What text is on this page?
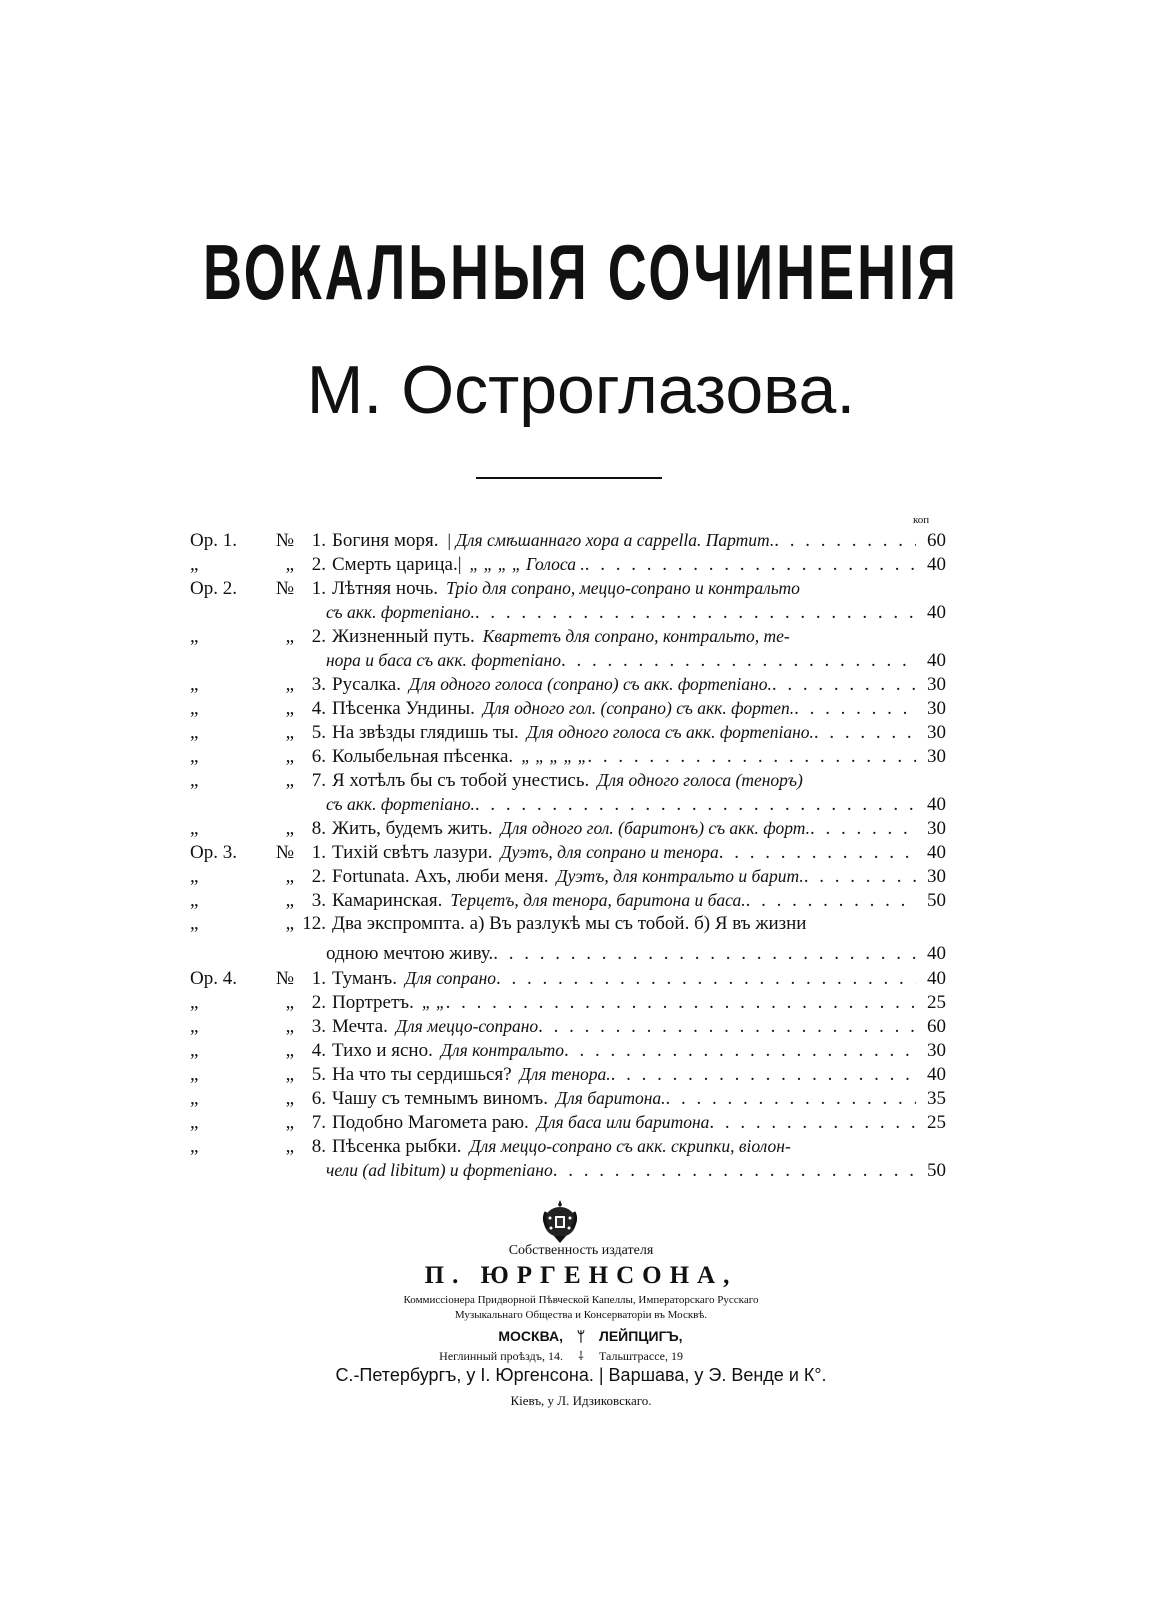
ВОКАЛЬНЫЯ СОЧИНЕНІЯ
М. Остроглазова.
коп
Op. 1.	№ 1. Богиня моря. | Для смѣшаннаго хора a cappella. Партит. . . .	60
„	„ 2. Смерть царица.| „ „ „ „ Голоса . . . .	40
Op. 2.	№ 1. Лѣтняя ночь. Тріо для сопрано, меццо-сопрано и контральто
съ акк. фортепіано. . . .	40
„	„ 2. Жизненный путь. Квартетъ для сопрано, контральто, те-
нора и баса съ акк. фортепіано . . .	40
„	„ 3. Русалка. Для одного голоса (сопрано) съ акк. фортепіано. . . .	30
„	„ 4. Пѣсенка Ундины. Для одного гол. (сопрано) съ акк. фортеп. . . .	30
„	„ 5. На звѣзды глядишь ты. Для одного голоса съ акк. фортепіано. . . .	30
„	„ 6. Колыбельная пѣсенка. „ „ „ „ „ . . .	30
„	„ 7. Я хотѣлъ бы съ тобой унестись. Для одного голоса (теноръ)
съ акк. фортепіано. . . .	40
„	„ 8. Жить, будемъ жить. Для одного гол. (баритонъ) съ акк. форт. . . .	30
Op. 3.	№ 1. Тихій свѣтъ лазури. Дуэтъ, для сопрано и тенора . . .	40
„	„ 2. Fortunata. Ахъ, люби меня. Дуэтъ, для контральто и барит. . . .	30
„	„ 3. Камаринская. Терцетъ, для тенора, баритона и баса. . . .	50
„	„ 12. Два экспромпта. а) Въ разлукѣ мы съ тобой. б) Я въ жизни
одною мечтою живу. . . .	40
Op. 4.	№ 1. Туманъ. Для сопрано . . .	40
„	„ 2. Портретъ. „ „ . . .	25
„	„ 3. Мечта. Для меццо-сопрано . . .	60
„	„ 4. Тихо и ясно. Для контральто . . .	30
„	„ 5. На что ты сердишься? Для тенора. . . .	40
„	„ 6. Чашу съ темнымъ виномъ. Для баритона. . . .	35
„	„ 7. Подобно Магомета раю. Для баса или баритона . . .	25
„	„ 8. Пѣсенка рыбки. Для меццо-сопрано съ акк. скрипки, віолон-
чели (ad libitum) и фортепіано . . .	50
Собственность издателя
П. ЮРГЕНСОНА,
Коммиссіонера Придворной Пѣвческой Капеллы, Императорскаго Русскаго
Музыкальнаго Общества и Консерваторіи въ Москвѣ.
МОСКВА, ᛘ ЛЕЙПЦИГЪ,
Неглинный проѣздъ, 14. ⸸ Тальштрассе, 19
С.-Петербургъ, у І. Юргенсона. | Варшава, у Э. Венде и К°.
Кіевъ, у Л. Идзиковскаго.
